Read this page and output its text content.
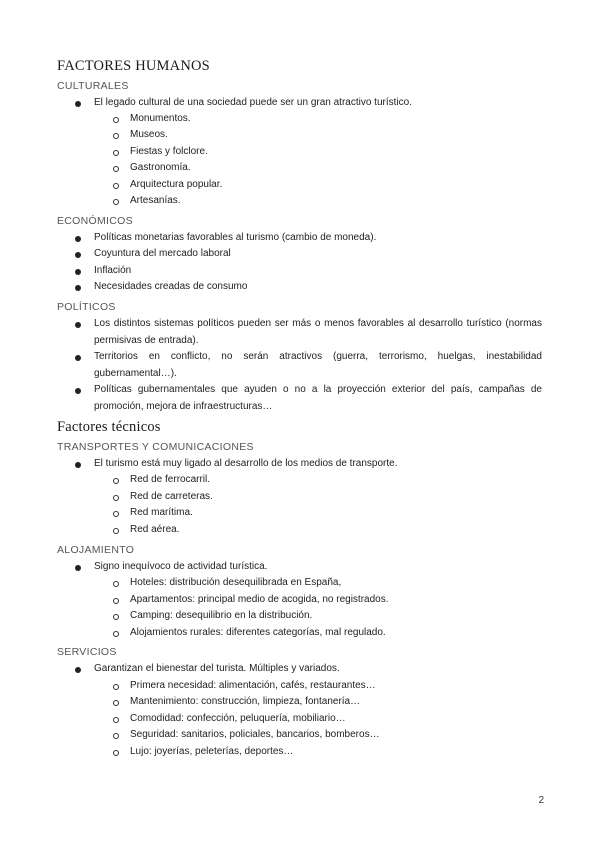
FACTORES HUMANOS
CULTURALES
El legado cultural de una sociedad puede ser un gran atractivo turístico.
Monumentos.
Museos.
Fiestas y folclore.
Gastronomía.
Arquitectura popular.
Artesanías.
ECONÓMICOS
Políticas monetarias favorables al turismo (cambio de moneda).
Coyuntura del mercado laboral
Inflación
Necesidades creadas de consumo
POLÍTICOS
Los distintos sistemas políticos pueden ser más o menos favorables al desarrollo turístico (normas permisivas de entrada).
Territorios en conflicto, no serán atractivos (guerra, terrorismo, huelgas, inestabilidad gubernamental…).
Políticas gubernamentales que ayuden o no a la proyección exterior del país, campañas de promoción, mejora de infraestructuras…
Factores técnicos
TRANSPORTES Y COMUNICACIONES
El turismo está muy ligado al desarrollo de los medios de transporte.
Red de ferrocarril.
Red de carreteras.
Red marítima.
Red aérea.
ALOJAMIENTO
Signo inequívoco de actividad turística.
Hoteles: distribución desequilibrada en España,
Apartamentos: principal medio de acogida, no registrados.
Camping: desequilibrio en la distribución.
Alojamientos rurales: diferentes categorías, mal regulado.
SERVICIOS
Garantizan el bienestar del turista. Múltiples y variados.
Primera necesidad: alimentación, cafés, restaurantes…
Mantenimiento: construcción, limpieza, fontanería…
Comodidad: confección, peluquería, mobiliario…
Seguridad: sanitarios, policiales, bancarios, bomberos…
Lujo: joyerías, peleterías, deportes…
2
